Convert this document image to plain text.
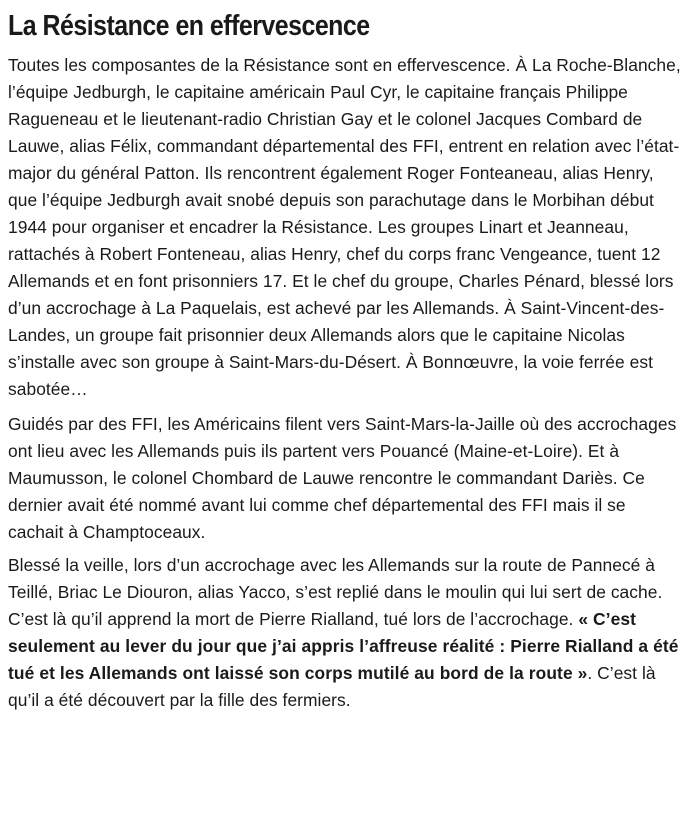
La Résistance en effervescence

Toutes les composantes de la Résistance sont en effervescence. À La Roche-Blanche, l’équipe Jedburgh, le capitaine américain Paul Cyr, le capitaine français Philippe Ragueneau et le lieutenant-radio Christian Gay et le colonel Jacques Combard de Lauwe, alias Félix, commandant départemental des FFI, entrent en relation avec l’état-major du général Patton. Ils rencontrent également Roger Fonteaneau, alias Henry, que l’équipe Jedburgh avait snobé depuis son parachutage dans le Morbihan début 1944 pour organiser et encadrer la Résistance. Les groupes Linart et Jeanneau, rattachés à Robert Fonteneau, alias Henry, chef du corps franc Vengeance, tuent 12 Allemands et en font prisonniers 17. Et le chef du groupe, Charles Pénard, blessé lors d’un accrochage à La Paquelais, est achevé par les Allemands. À Saint-Vincent-des-Landes, un groupe fait prisonnier deux Allemands alors que le capitaine Nicolas s’installe avec son groupe à Saint-Mars-du-Désert. À Bonnœuvre, la voie ferrée est sabotée…

Guidés par des FFI, les Américains filent vers Saint-Mars-la-Jaille où des accrochages ont lieu avec les Allemands puis ils partent vers Pouancé (Maine-et-Loire). Et à Maumusson, le colonel Chombard de Lauwe rencontre le commandant Dariès. Ce dernier avait été nommé avant lui comme chef départemental des FFI mais il se cachait à Champtoceaux.

Blessé la veille, lors d’un accrochage avec les Allemands sur la route de Pannecé à Teillé, Briac Le Diouron, alias Yacco, s’est replié dans le moulin qui lui sert de cache. C’est là qu’il apprend la mort de Pierre Rialland, tué lors de l’accrochage. « C’est seulement au lever du jour que j’ai appris l’affreuse réalité : Pierre Rialland a été tué et les Allemands ont laissé son corps mutilé au bord de la route ». C’est là qu’il a été découvert par la fille des fermiers.
